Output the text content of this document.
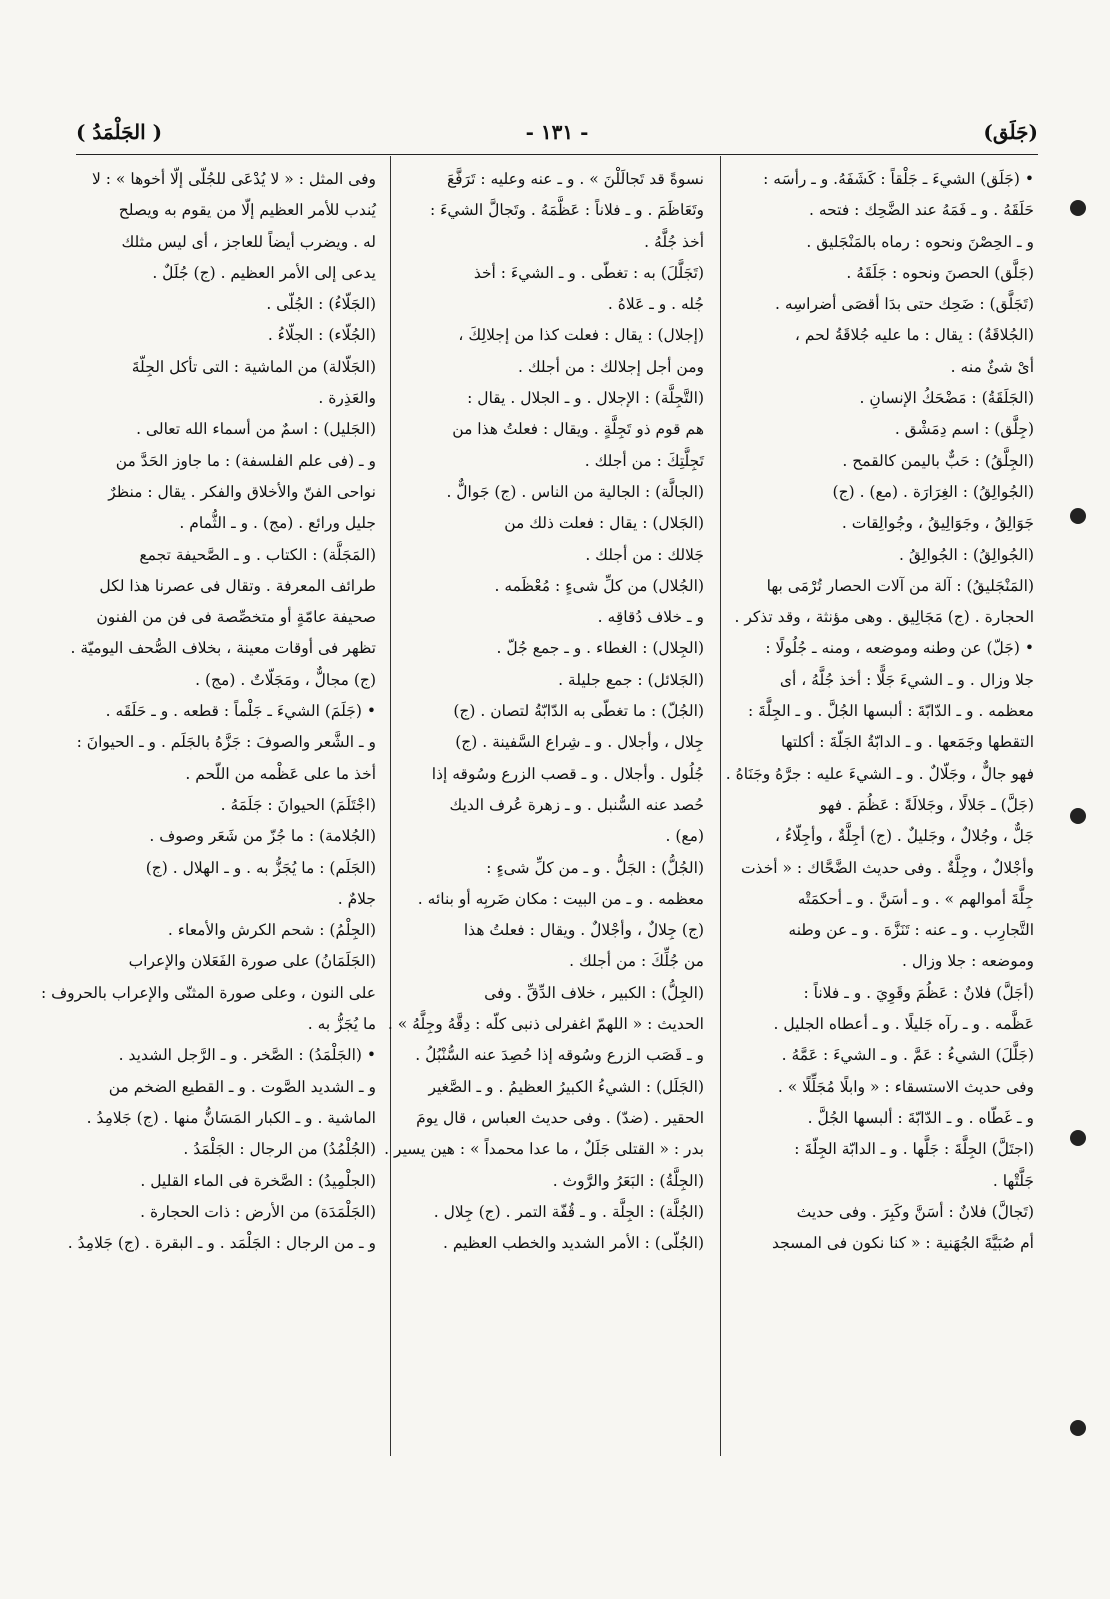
(جَلَق)
- ١٣١ -
( الجَلْمَدُ )
• (جَلَق) الشيءَ ـ جَلْقاً : كَشَفَهُ. و ـ رأسَه :
حَلَقَهُ . و ـ فَمَهُ عند الضَّحِك : فتحه .
و ـ الحِصْنَ ونحوه : رماه بالمَنْجَليق .
(جَلَّق) الحصنَ ونحوه : جَلَقَهُ .
(تَجَلَّق) : ضَحِك حتى بدَا أقصَى أضراسِه .
(الجُلاقَةُ) : يقال : ما عليه جُلاقَةُ لحم ،
أىْ شئٌ منه .
(الجَلَقَةُ) : مَضْحَكُ الإنسانِ .
(جِلَّق) : اسم دِمَشْق .
(الجِلَّقُ) : حَبٌّ باليمن كالقمح .
(الجُوالِقُ) : الغِرَارَة . (مع) . (ج)
جَوَالِقُ ، وجَوَالِيقُ ، وجُوالِقات .
(الجُوالِقُ) : الجُوالِقُ .
(المَنْجَليقُ) : آلة من آلات الحصار تُرْمَى بها
الحجارة . (ج) مَجَالِيق . وهى مؤنثة ، وقد تذكر .
• (جَلّ) عن وطنه وموضعه ، ومنه ـ جُلُولًا :
جلا وزال . و ـ الشيءَ جَلًّا : أخذ جُلَّهُ ، أى
معظمه . و ـ الدّابّةَ : ألبسها الجُلَّ . و ـ الجِلَّةَ :
التقطها وجَمَعها . و ـ الدابّةُ الجَلّةَ : أكلتها
فهو جالٌّ ، وجَلّالٌ . و ـ الشيءَ عليه : جرَّهُ وجَنَاهُ .
(جَلَّ) ـ جَلالًا ، وجَلالَةً : عَظُمَ . فهو
جَلٌّ ، وجُلالٌ ، وجَليلٌ . (ج) أجِلَّةٌ ، وأجِلّاءُ ،
وأجْلالٌ ، وجِلَّةٌ . وفى حديث الضَّحَّاك : « أخذت
جِلَّةَ أموالهم » . و ـ أسَنَّ . و ـ أحكمَتْه
التَّجارِب . و ـ عنه : تَنَزَّهَ . و ـ عن وطنه
وموضعه : جلا وزال .
(أجَلَّ) فلانٌ : عَظُمَ وقَوِيَ . و ـ فلاناً :
عَظَّمه . و ـ رآه جَليلًا . و ـ أعطاه الجليل .
(جَلَّلَ) الشيءُ : عَمَّ . و ـ الشيءَ : عَمَّهُ .
وفى حديث الاستسقاء : « وابلًا مُجَلِّلًا » .
و ـ غَطّاه . و ـ الدّابّةَ : ألبسها الجُلَّ .
(اجتَلَّ) الجِلَّةَ : جَلَّها . و ـ الدابّة الجِلّةَ :
جَلَّتْها .
(تَجالَّ) فلانٌ : أسَنَّ وكَبِرَ . وفى حديث
أم صُبَيَّةَ الجُهَنية : « كنا نكون فى المسجد
نسوةً قد تَجالَلْنَ » . و ـ عنه وعليه : تَرَفَّعَ
وتَعَاظَمَ . و ـ فلاناً : عَظَّمَهُ . وتَجالَّ الشيءَ :
أخذ جُلَّهُ .
(تَجَلَّلَ) به : تغطّى . و ـ الشيءَ : أخذ
جُله . و ـ عَلاهُ .
(إجلال) : يقال : فعلت كذا من إجلالِكَ ،
ومن أجل إجلالك : من أجلك .
(التَّجِلَّة) : الإجلال . و ـ الجلال . يقال :
هم قوم ذو تَجِلَّةٍ . ويقال : فعلتُ هذا من
تَجِلَّتِكَ : من أجلك .
(الجالَّة) : الجالية من الناس . (ج) جَوالٌّ .
(الجَلال) : يقال : فعلت ذلك من
جَلالك : من أجلك .
(الجُلال) من كلِّ شىءٍ : مُعْظَمه .
و ـ خلاف دُقاقِه .
(الجِلال) : الغطاء . و ـ جمع جُلّ .
(الجَلائل) : جمع جليلة .
(الجُلّ) : ما تغطّى به الدّابّةُ لتصان . (ج)
جِلال ، وأجلال . و ـ شِراع السَّفينة . (ج)
جُلُول . وأجلال . و ـ قصب الزرع وسُوقه إذا
حُصد عنه السُّنبل . و ـ زهرة عُرف الديك
(مع) .
(الجُلُّ) : الجَلُّ . و ـ من كلِّ شىءٍ :
معظمه . و ـ من البيت : مكان ضَربِه أو بنائه .
(ج) جِلالٌ ، وأجْلالٌ . ويقال : فعلتُ هذا
من جُلِّكَ : من أجلك .
(الجِلُّ) : الكبير ، خلاف الدِّقِّ . وفى
الحديث : « اللهمّ اغفرلى ذنبى كلّه : دِقَّهُ وجِلَّهُ » .
و ـ قَصَب الزرع وسُوقه إذا حُصِدَ عنه السُّنْبُلُ .
(الجَلَل) : الشيءُ الكبيرُ العظيمُ . و ـ الصَّغير
الحقير . (ضدّ) . وفى حديث العباس ، قال يومَ
بدر : « القتلى جَلَلٌ ، ما عدا محمداً » : هين يسير .
(الجِلَّةُ) : البَعَرُ والرَّوث .
(الجُلَّة) : الجِلَّة . و ـ قُفّة التمر . (ج) جِلال .
(الجُلّى) : الأمر الشديد والخطب العظيم .
وفى المثل : « لا يُدْعَى للجُلّى إلّا أخوها » : لا
يُندب للأمر العظيم إلّا من يقوم به ويصلح
له . ويضرب أيضاً للعاجز ، أى ليس مثلك
يدعى إلى الأمر العظيم . (ج) جُلَلٌ .
(الجَلّاءُ) : الجُلّى .
(الجُلّاء) : الجلّاءُ .
(الجَلّالة) من الماشية : التى تأكل الجِلّةَ
والعَذِرة .
(الجَليل) : اسمٌ من أسماء الله تعالى .
و ـ (فى علم الفلسفة) : ما جاوز الحَدَّ من
نواحى الفنّ والأخلاق والفكر . يقال : منظرٌ
جليل ورائع . (مج) . و ـ الثُّمام .
(المَجَلَّة) : الكتاب . و ـ الصَّحيفة تجمع
طرائف المعرفة . وتقال فى عصرنا هذا لكل
صحيفة عامّةٍ أو متخصِّصة فى فن من الفنون
تظهر فى أوقات معينة ، بخلاف الصُّحف اليوميّة .
(ج) مجالٌّ ، ومَجَلّاتٌ . (مج) .
• (جَلَمَ) الشيءَ ـ جَلْماً : قطعه . و ـ حَلَقَه .
و ـ الشَّعر والصوفَ : جَزَّهُ بالجَلَم . و ـ الحيوانَ :
أخذ ما على عَظْمه من اللّحم .
(اجْتَلَمَ) الحيوانَ : جَلَمَهُ .
(الجُلامة) : ما جُزّ من شَعَر وصوف .
(الجَلَم) : ما يُجَزُّ به . و ـ الهلال . (ج)
جلامٌ .
(الجِلْمُ) : شحم الكرش والأمعاء .
(الجَلَمَانُ) على صورة الفَعَلان والإعراب
على النون ، وعلى صورة المثنّى والإعراب بالحروف :
ما يُجَزُّ به .
• (الجَلْمَدُ) : الصَّخر . و ـ الرَّجل الشديد .
و ـ الشديد الصَّوت . و ـ القطيع الضخم من
الماشية . و ـ الكبار المَسَانُّ منها . (ج) جَلامِدُ .
(الجُلْمُدُ) من الرجال : الجَلْمَدُ .
(الجلْمِيدُ) : الصَّخرة فى الماء القليل .
(الجَلْمَدَة) من الأرض : ذات الحجارة .
و ـ من الرجال : الجَلْمَد . و ـ البقرة . (ج) جَلامِدُ .
